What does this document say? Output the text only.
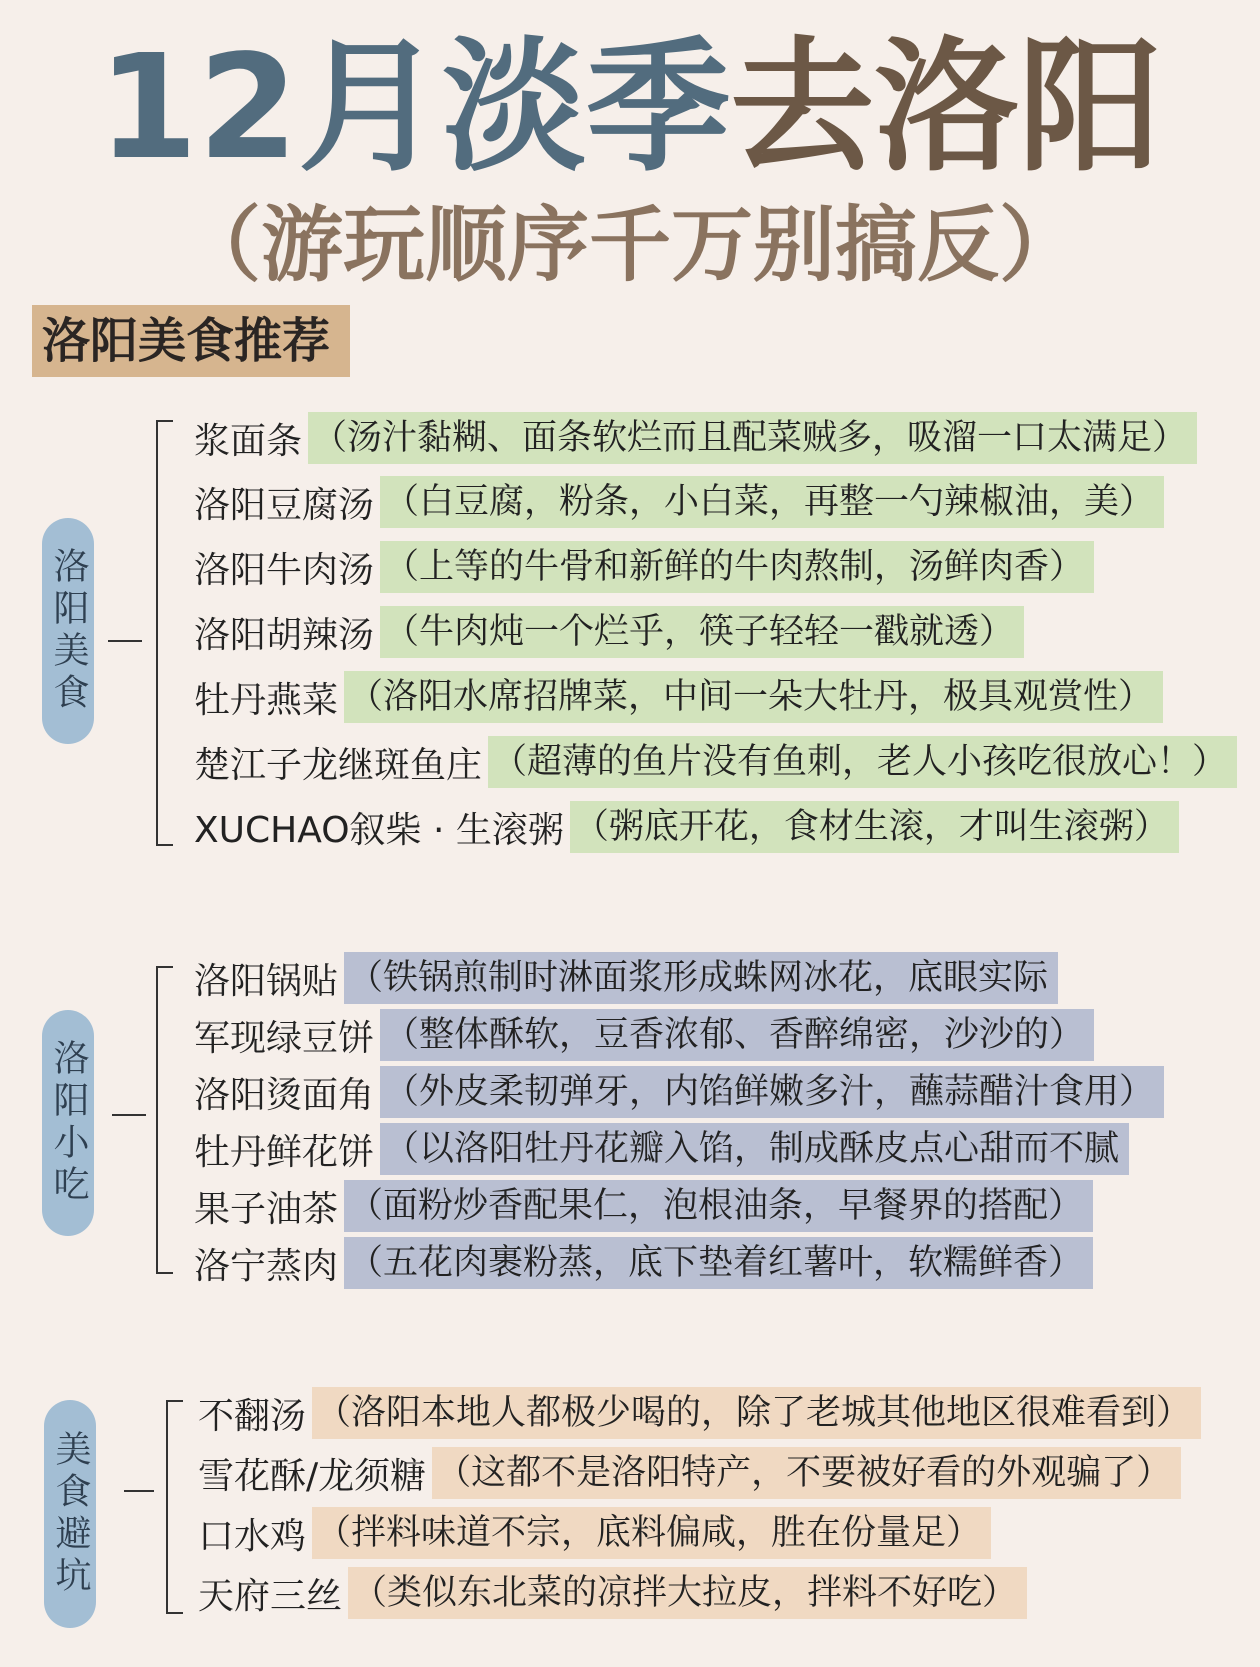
12月淡季去洛阳
（游玩顺序千万别搞反）
洛阳美食推荐
洛阳美食
浆面条 （汤汁黏糊、面条软烂而且配菜贼多，吸溜一口太满足）
洛阳豆腐汤 （白豆腐，粉条，小白菜，再整一勺辣椒油，美）
洛阳牛肉汤 （上等的牛骨和新鲜的牛肉熬制，汤鲜肉香）
洛阳胡辣汤 （牛肉炖一个烂乎，筷子轻轻一戳就透）
牡丹燕菜 （洛阳水席招牌菜，中间一朵大牡丹，极具观赏性）
楚江子龙继斑鱼庄 （超薄的鱼片没有鱼刺，老人小孩吃很放心！）
XUCHAO叙柴 · 生滚粥 （粥底开花，食材生滚，才叫生滚粥）
洛阳小吃
洛阳锅贴 （铁锅煎制时淋面浆形成蛛网冰花，底眼实际
军现绿豆饼 （整体酥软，豆香浓郁、香醉绵密，沙沙的）
洛阳烫面角 （外皮柔韧弹牙，内馅鲜嫩多汁，蘸蒜醋汁食用）
牡丹鲜花饼 （以洛阳牡丹花瓣入馅，制成酥皮点心甜而不腻
果子油茶 （面粉炒香配果仁，泡根油条，早餐界的搭配）
洛宁蒸肉 （五花肉裹粉蒸，底下垫着红薯叶，软糯鲜香）
美食避坑
不翻汤 （洛阳本地人都极少喝的，除了老城其他地区很难看到）
雪花酥/龙须糖 （这都不是洛阳特产，不要被好看的外观骗了）
口水鸡 （拌料味道不宗，底料偏咸，胜在份量足）
天府三丝 （类似东北菜的凉拌大拉皮，拌料不好吃）
